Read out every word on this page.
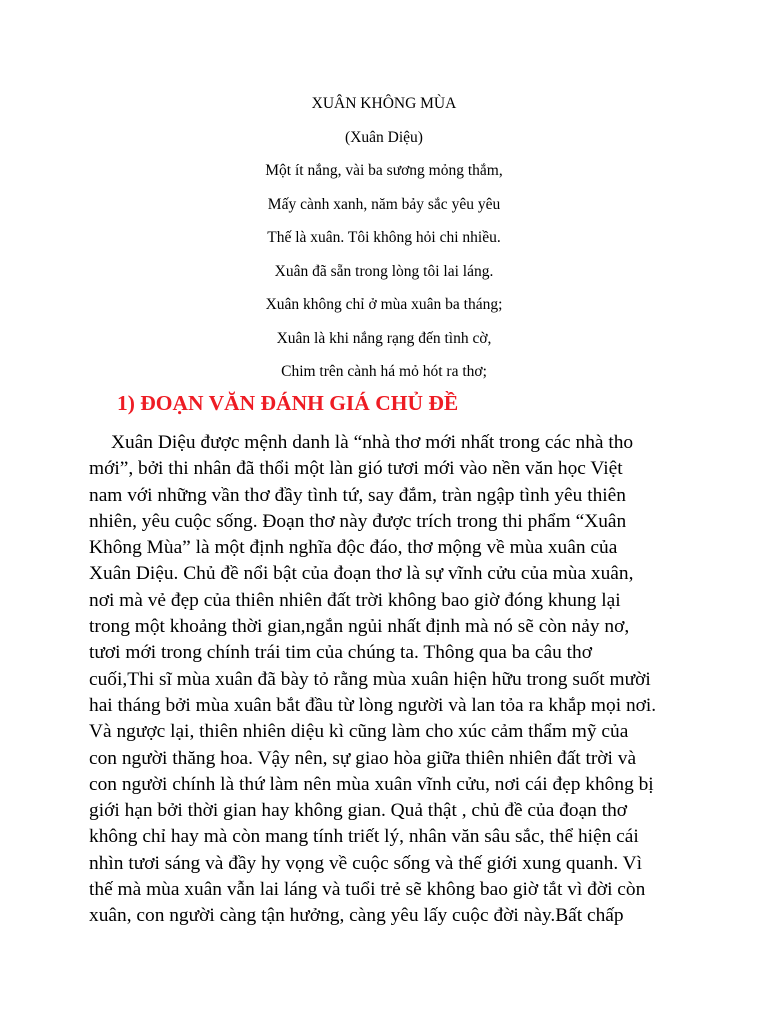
XUÂN KHÔNG MÙA
(Xuân Diệu)
Một ít nắng, vài ba sương mỏng thắm,
Mấy cành xanh, năm bảy sắc yêu yêu
Thế là xuân. Tôi không hỏi chi nhiều.
Xuân đã sẵn trong lòng tôi lai láng.
Xuân không chỉ ở mùa xuân ba tháng;
Xuân là khi nắng rạng đến tình cờ,
Chim trên cành há mỏ hót ra thơ;
1) ĐOẠN VĂN ĐÁNH GIÁ CHỦ ĐỀ
Xuân Diệu được mệnh danh là “nhà thơ mới nhất trong các nhà tho
mới”, bởi thi nhân đã thổi một làn gió tươi mới vào nền văn học Việt
nam với những vần thơ đầy tình tứ, say đắm, tràn ngập tình yêu thiên
nhiên, yêu cuộc sống. Đoạn thơ này được trích trong thi phẩm “Xuân
Không Mùa” là một định nghĩa độc đáo, thơ mộng về mùa xuân của
Xuân Diệu. Chủ đề nổi bật của đoạn thơ là sự vĩnh cửu của mùa xuân,
nơi mà vẻ đẹp của thiên nhiên đất trời không bao giờ đóng khung lại
trong một khoảng thời gian,ngắn ngủi nhất định mà nó sẽ còn nảy nơ,
tươi mới trong chính trái tim của chúng ta. Thông qua ba câu thơ
cuối,Thi sĩ mùa xuân đã bày tỏ rằng mùa xuân hiện hữu trong suốt mười
hai tháng bởi mùa xuân bắt đầu từ lòng người và lan tỏa ra khắp mọi nơi.
Và ngược lại, thiên nhiên diệu kì cũng làm cho xúc cảm thẩm mỹ của
con người thăng hoa. Vậy nên, sự giao hòa giữa thiên nhiên đất trời và
con người chính là thứ làm nên mùa xuân vĩnh cửu, nơi cái đẹp không bị
giới hạn bởi thời gian hay không gian. Quả thật , chủ đề của đoạn thơ
không chỉ hay mà còn mang tính triết lý, nhân văn sâu sắc, thể hiện cái
nhìn tươi sáng và đầy hy vọng về cuộc sống và thế giới xung quanh. Vì
thế mà mùa xuân vẫn lai láng và tuổi trẻ sẽ không bao giờ tắt vì đời còn
xuân, con người càng tận hưởng, càng yêu lấy cuộc đời này.Bất chấp
